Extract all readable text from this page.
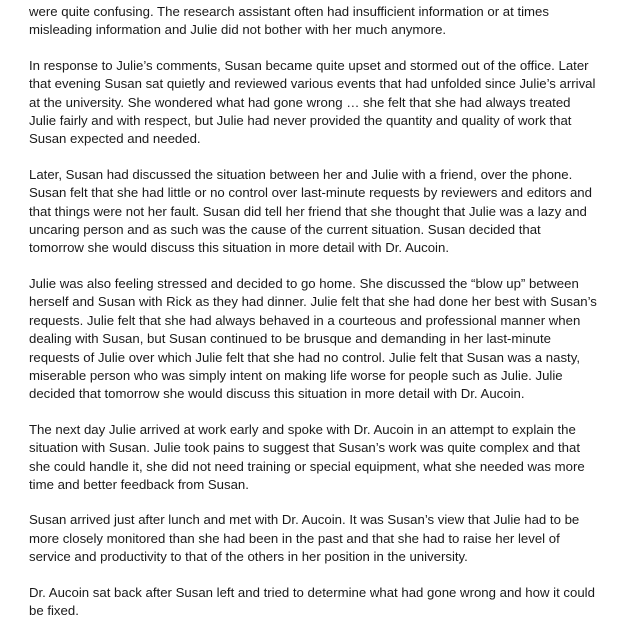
were quite confusing. The research assistant often had insufficient information or at times misleading information and Julie did not bother with her much anymore.

In response to Julie’s comments, Susan became quite upset and stormed out of the office. Later that evening Susan sat quietly and reviewed various events that had unfolded since Julie’s arrival at the university. She wondered what had gone wrong … she felt that she had always treated Julie fairly and with respect, but Julie had never provided the quantity and quality of work that Susan expected and needed.

Later, Susan had discussed the situation between her and Julie with a friend, over the phone. Susan felt that she had little or no control over last-minute requests by reviewers and editors and that things were not her fault. Susan did tell her friend that she thought that Julie was a lazy and uncaring person and as such was the cause of the current situation. Susan decided that tomorrow she would discuss this situation in more detail with Dr. Aucoin.

Julie was also feeling stressed and decided to go home. She discussed the “blow up” between herself and Susan with Rick as they had dinner. Julie felt that she had done her best with Susan’s requests. Julie felt that she had always behaved in a courteous and professional manner when dealing with Susan, but Susan continued to be brusque and demanding in her last-minute requests of Julie over which Julie felt that she had no control. Julie felt that Susan was a nasty, miserable person who was simply intent on making life worse for people such as Julie. Julie decided that tomorrow she would discuss this situation in more detail with Dr. Aucoin.

The next day Julie arrived at work early and spoke with Dr. Aucoin in an attempt to explain the situation with Susan. Julie took pains to suggest that Susan’s work was quite complex and that she could handle it, she did not need training or special equipment, what she needed was more time and better feedback from Susan.

Susan arrived just after lunch and met with Dr. Aucoin. It was Susan’s view that Julie had to be more closely monitored than she had been in the past and that she had to raise her level of service and productivity to that of the others in her position in the university.

Dr. Aucoin sat back after Susan left and tried to determine what had gone wrong and how it could be fixed.
